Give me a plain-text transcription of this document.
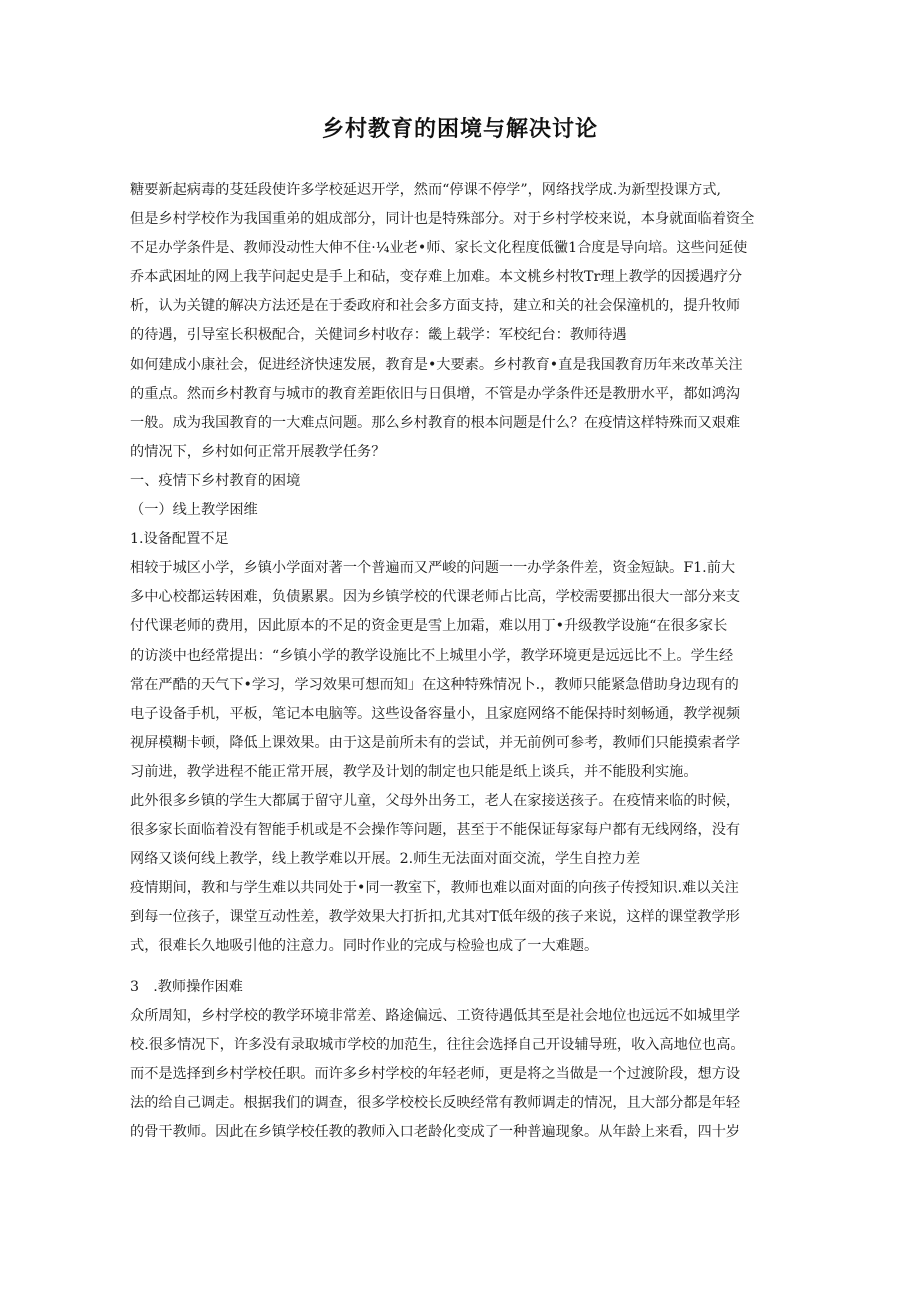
乡村教育的困境与解决讨论
糖要新起病毒的芟廷段使许多学校延迟开学，然而“停课不停学”，网络找学成.为新型投课方式,
但是乡村学校作为我国重弟的姐成部分，同计也是特殊部分。对于乡村学校来说，本身就面临着资全
不足办学条件是、教师没动性大伸不住·¼业老•师、家长文化程度低黴1合度是导向培。这些问延使
乔本武困址的网上我芋问起史是手上和砧，变存难上加难。本文桃乡村牧Tr理上教学的因援遇疗分
析，认为关键的解决方法还是在于委政府和社会多方面支持，建立和关的社会保潼机的，提升牧师
的待遇，引导室长积极配合，关健词乡村收存：畿上载学：军校纪台：教师待遇
如何建成小康社会，促进经济快速发展，教育是•大要素。乡村教育•直是我国教育历年来改革关注
的重点。然而乡村教育与城市的教育差距依旧与日俱增，不管是办学条件还是教册水平，都如鸿沟
一般。成为我国教育的一大难点问题。那么乡村教育的根本问题是什么？在疫情这样特殊而又艰难
的情况下，乡村如何正常开展教学任务？
一、疫情下乡村教育的困境
（一）线上教学困维
1.设备配置不足
相较于城区小学，乡镇小学面对著一个普遍而又严峻的问题一一办学条件差，资金短缺。F1.前大
多中心校都运转困难，负债累累。因为乡镇学校的代课老师占比高，学校需要挪出很大一部分来支
付代课老师的费用，因此原本的不足的资金更是雪上加霜，难以用丁•升级教学设施“在很多家长
的访淡中也经常提出：“乡镇小学的教学设施比不上城里小学，教学环境更是远远比不上。学生经
常在严酷的天气下•学习，学习效果可想而知」在这种特殊情况卜.，教师只能紧急借助身边现有的
电子设备手机，平板，笔记本电脑等。这些设备容量小，且家庭网络不能保持时刻畅通，教学视频
视屏模糊卡顿，降低上课效果。由于这是前所未有的尝试，并无前例可参考，教师们只能摸索者学
习前进，教学进程不能正常开展，教学及计划的制定也只能是纸上谈兵，并不能股利实施。
此外很多乡镇的学生大都属于留守儿童，父母外出务工，老人在家接送孩子。在疫情来临的时候，
很多家长面临着没有智能手机或是不会操作等问题，甚至于不能保证每家每户都有无线网络，没有
网络又谈何线上教学，线上教学难以开展。2.师生无法面对面交流，学生自控力差
疫情期间，教和与学生难以共同处于•同一教室下，教师也难以面对面的向孩子传授知识.难以关注
到每一位孩子，课堂互动性差，教学效果大打折扣,尤其对T低年级的孩子来说，这样的课堂教学形
式，很难长久地吸引他的注意力。同时作业的完成与检验也成了一大难题。
3　.教师操作困难
众所周知，乡村学校的教学环境非常差、路途偏远、工资待遇低其至是社会地位也远远不如城里学
校.很多情况下，许多没有录取城市学校的加范生，往往会选择自己开设辅导班，收入高地位也高。
而不是选择到乡村学校任职。而许多乡村学校的年轻老师，更是将之当做是一个过渡阶段，想方设
法的给自己调走。根据我们的调查，很多学校校长反映经常有教师调走的情况，且大部分都是年轻
的骨干教师。因此在乡镇学校任教的教师入口老龄化变成了一种普遍现象。从年龄上来看，四十岁
